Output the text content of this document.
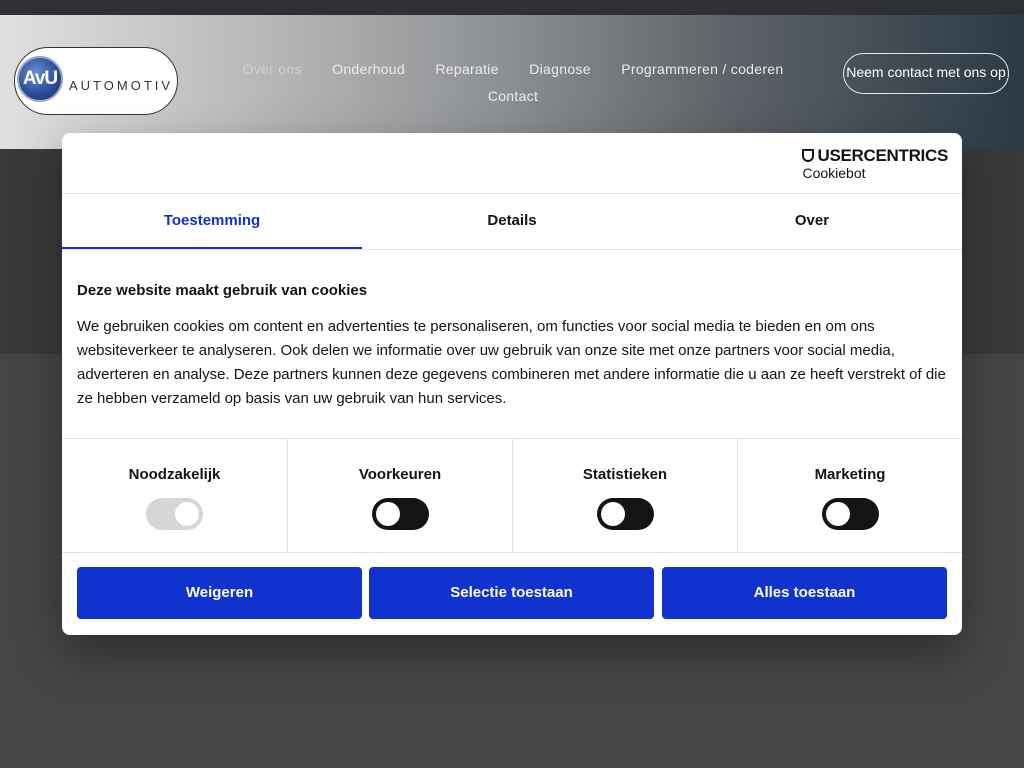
AvU AUTOMOTIV
Over ons Onderhoud Reparatie Diagnose Programmeren / coderen Contact
Neem contact met ons op
USERCENTRICS
Cookiebot
Toestemming	Details	Over
Deze website maakt gebruik van cookies

We gebruiken cookies om content en advertenties te personaliseren, om functies voor social media te bieden en om ons websiteverkeer te analyseren. Ook delen we informatie over uw gebruik van onze site met onze partners voor social media, adverteren en analyse. Deze partners kunnen deze gegevens combineren met andere informatie die u aan ze heeft verstrekt of die ze hebben verzameld op basis van uw gebruik van hun services.

Noodzakelijk	Voorkeuren	Statistieken	Marketing
Weigeren	Selectie toestaan	Alles toestaan
